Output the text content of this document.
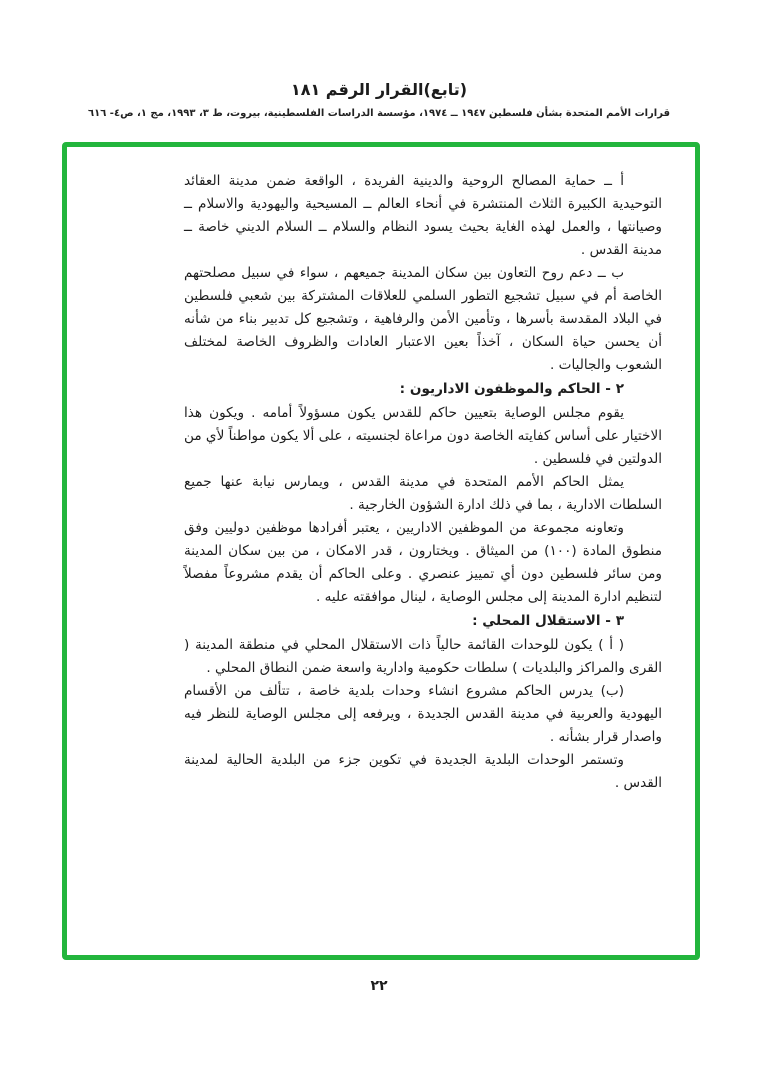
(تابع)القرار الرقم ١٨١
قرارات الأمم المتحدة بشأن فلسطين ١٩٤٧ ــ ١٩٧٤، مؤسسة الدراسات الفلسطينية، بيروت، ط ٣، ١٩٩٣، مج ١، ص٤- ٦١٦

أ ــ حماية المصالح الروحية والدينية الفريدة ، الواقعة ضمن مدينة العقائد التوحيدية الكبيرة الثلاث المنتشرة في أنحاء العالم ــ المسيحية واليهودية والاسلام ــ وصيانتها ، والعمل لهذه الغاية بحيث يسود النظام والسلام ــ السلام الديني خاصة ــ مدينة القدس .

ب ــ دعم روح التعاون بين سكان المدينة جميعهم ، سواء في سبيل مصلحتهم الخاصة أم في سبيل تشجيع التطور السلمي للعلاقات المشتركة بين شعبي فلسطين في البلاد المقدسة بأسرها ، وتأمين الأمن والرفاهية ، وتشجيع كل تدبير بناء من شأنه أن يحسن حياة السكان ، آخذاً بعين الاعتبار العادات والظروف الخاصة لمختلف الشعوب والجاليات .

٢ - الحاكم والموظفون الاداريون :

يقوم مجلس الوصاية بتعيين حاكم للقدس يكون مسؤولاً أمامه . ويكون هذا الاختيار على أساس كفايته الخاصة دون مراعاة لجنسيته ، على ألا يكون مواطناً لأي من الدولتين في فلسطين .

يمثل الحاكم الأمم المتحدة في مدينة القدس ، ويمارس نيابة عنها جميع السلطات الادارية ، بما في ذلك ادارة الشؤون الخارجية .

وتعاونه مجموعة من الموظفين الاداريين ، يعتبر أفرادها موظفين دوليين وفق منطوق المادة (١٠٠) من الميثاق . ويختارون ، قدر الامكان ، من بين سكان المدينة ومن سائر فلسطين دون أي تمييز عنصري . وعلى الحاكم أن يقدم مشروعاً مفصلاً لتنظيم ادارة المدينة إلى مجلس الوصاية ، لينال موافقته عليه .

٣ - الاستقلال المحلي :

( أ ) يكون للوحدات القائمة حالياً ذات الاستقلال المحلي في منطقة المدينة ( القرى والمراكز والبلديات ) سلطات حكومية وادارية واسعة ضمن النطاق المحلي .

(ب) يدرس الحاكم مشروع انشاء وحدات بلدية خاصة ، تتألف من الأقسام اليهودية والعربية في مدينة القدس الجديدة ، ويرفعه إلى مجلس الوصاية للنظر فيه واصدار قرار بشأنه .

وتستمر الوحدات البلدية الجديدة في تكوين جزء من البلدية الحالية لمدينة القدس .

٢٢
